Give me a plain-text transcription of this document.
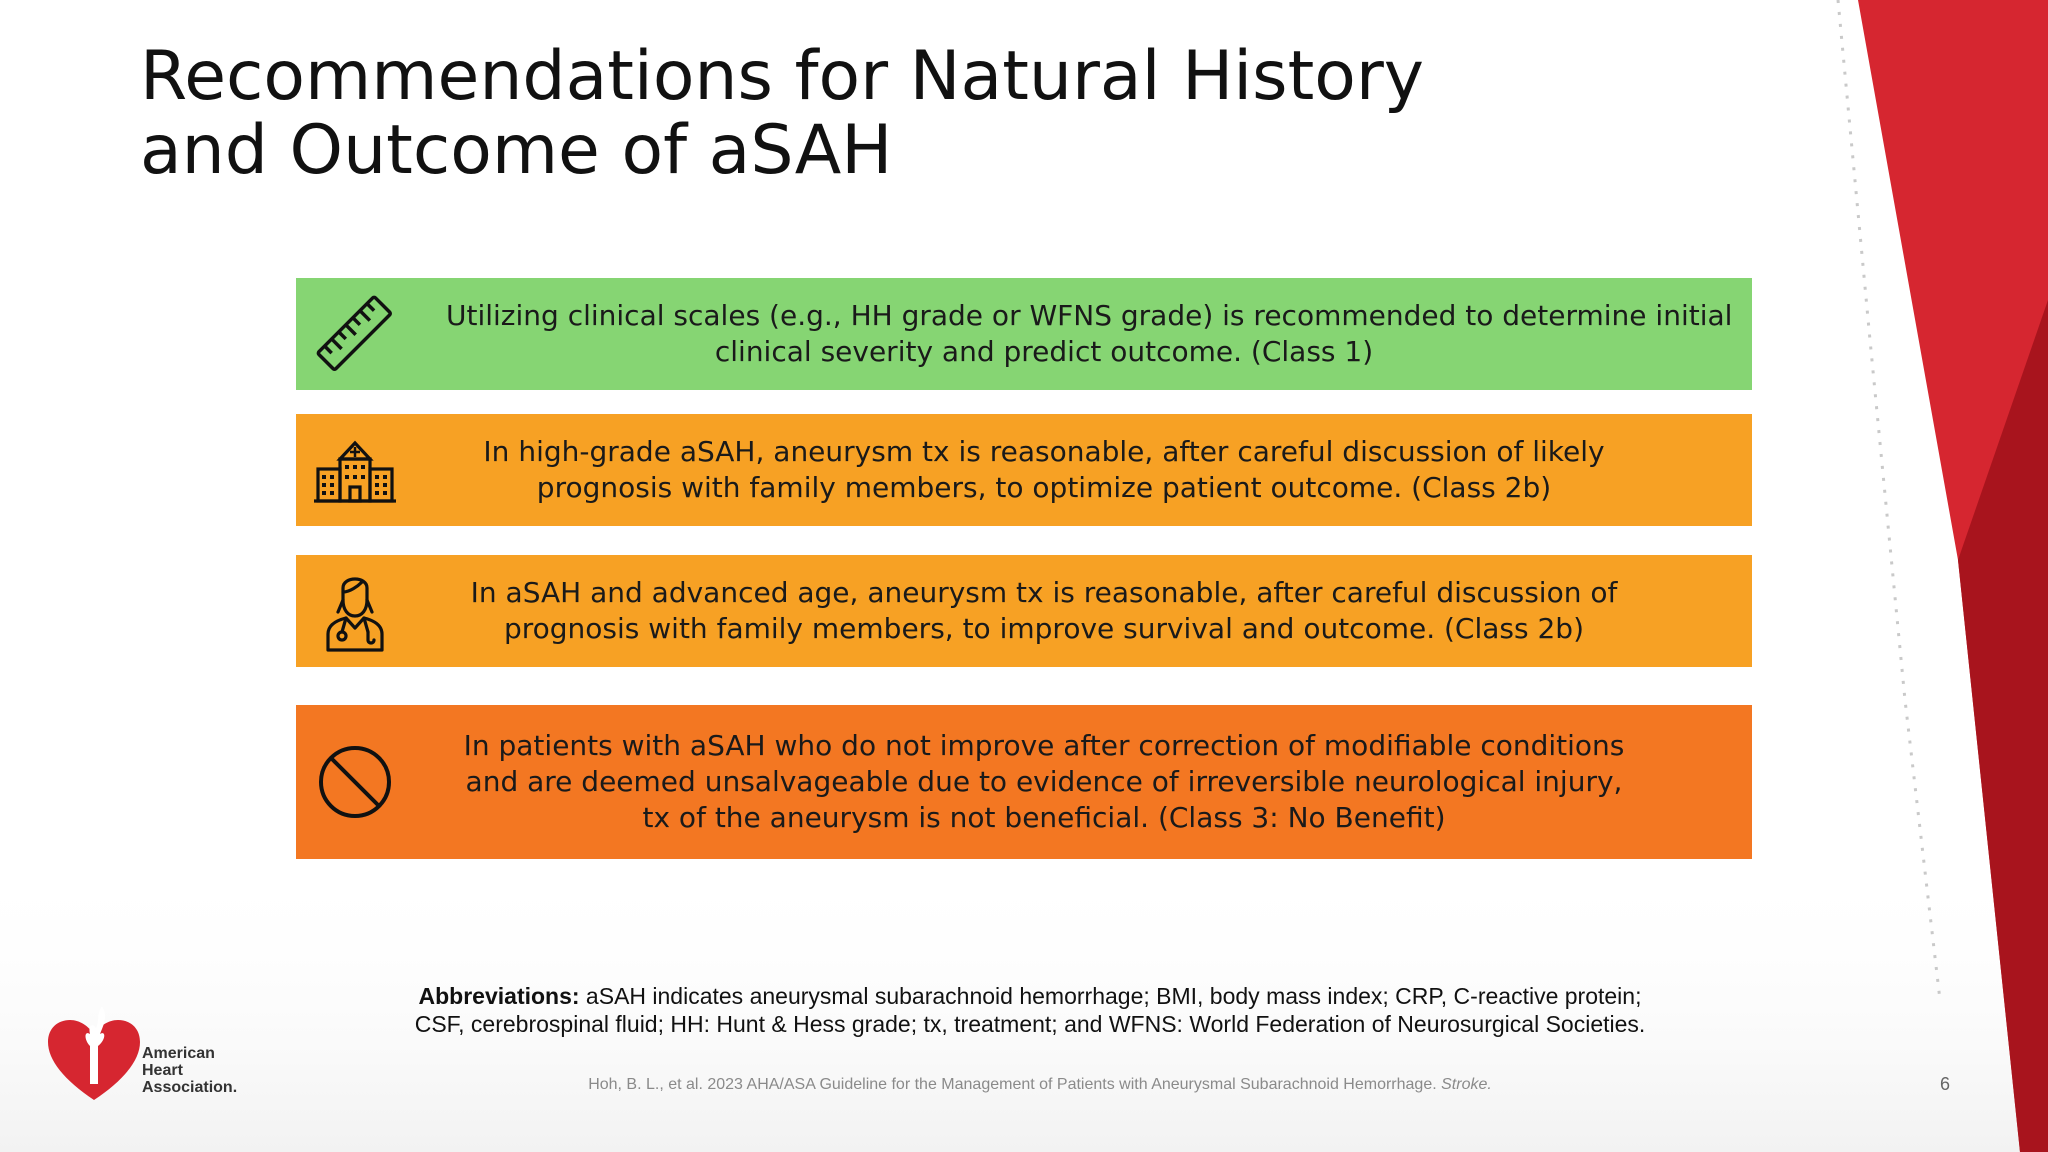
Recommendations for Natural History
and Outcome of aSAH
Utilizing clinical scales (e.g., HH grade or WFNS grade) is recommended to determine initial
clinical severity and predict outcome. (Class 1)
In high-grade aSAH, aneurysm tx is reasonable, after careful discussion of likely
prognosis with family members, to optimize patient outcome. (Class 2b)
In aSAH and advanced age, aneurysm tx is reasonable, after careful discussion of
prognosis with family members, to improve survival and outcome. (Class 2b)
In patients with aSAH who do not improve after correction of modifiable conditions
and are deemed unsalvageable due to evidence of irreversible neurological injury,
tx of the aneurysm is not beneficial. (Class 3: No Benefit)
Abbreviations: aSAH indicates aneurysmal subarachnoid hemorrhage; BMI, body mass index; CRP, C-reactive protein;
CSF, cerebrospinal fluid; HH: Hunt & Hess grade; tx, treatment; and WFNS: World Federation of Neurosurgical Societies.
Hoh, B. L., et al. 2023 AHA/ASA Guideline for the Management of Patients with Aneurysmal Subarachnoid Hemorrhage. Stroke.	6
American
Heart
Association.
